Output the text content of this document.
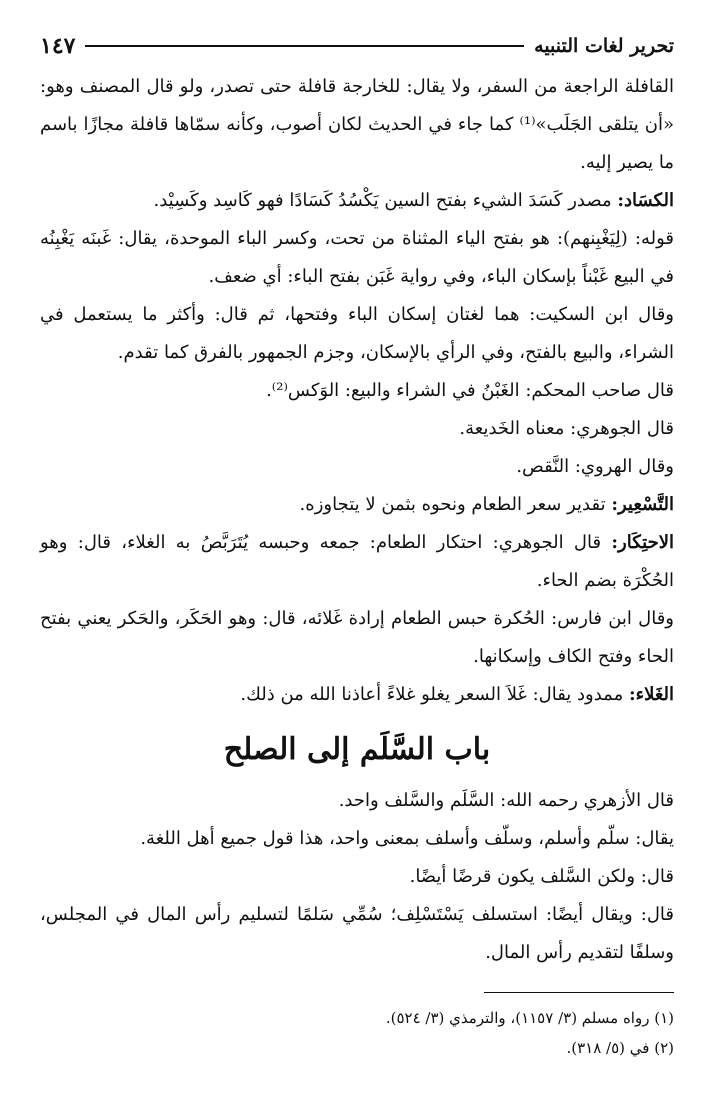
تحرير لغات التنبيه
١٤٧

القافلة الراجعة من السفر، ولا يقال: للخارجة قافلة حتى تصدر، ولو قال المصنف وهو: «أن يتلقى الجَلَب»⁽¹⁾ كما جاء في الحديث لكان أصوب، وكأنه سمّاها قافلة مجازًا باسم ما يصير إليه.

الكسَاد: مصدر كَسَدَ الشيء بفتح السين يَكْسُدُ كَسَادًا فهو كَاسِد وكَسِيْد.

قوله: (لِيَغْبِنهم): هو بفتح الياء المثناة من تحت، وكسر الباء الموحدة، يقال: غَبنَه يَغْبِنُه في البيع غَبْناً بإسكان الباء، وفي رواية غَبَن بفتح الباء: أي ضعف.

وقال ابن السكيت: هما لغتان إسكان الباء وفتحها، ثم قال: وأكثر ما يستعمل في الشراء، والبيع بالفتح، وفي الرأي بالإسكان، وجزم الجمهور بالفرق كما تقدم.

قال صاحب المحكم: الغَبْنُ في الشراء والبيع: الوَكس⁽²⁾.

قال الجوهري: معناه الخَديعة.

وقال الهروي: النَّقص.

التَّسْعِير: تقدير سعر الطعام ونحوه بثمن لا يتجاوزه.

الاحتِكَار: قال الجوهري: احتكار الطعام: جمعه وحبسه يُتَرَبَّصُ به الغلاء، قال: وهو الحُكْرَة بضم الحاء.

وقال ابن فارس: الحُكرة حبس الطعام إرادة غَلائه، قال: وهو الحَكَر، والحَكر يعني بفتح الحاء وفتح الكاف وإسكانها.

الغَلاء: ممدود يقال: غَلاَ السعر يغلو غلاءً أعاذنا الله من ذلك.

باب السَّلَم إلى الصلح

قال الأزهري رحمه الله: السَّلَم والسَّلف واحد.

يقال: سلّم وأسلم، وسلّف وأسلف بمعنى واحد، هذا قول جميع أهل اللغة.

قال: ولكن السَّلف يكون قرضًا أيضًا.

قال: ويقال أيضًا: استسلف يَسْتَسْلِف؛ سُمِّي سَلمًا لتسليم رأس المال في المجلس، وسلفًا لتقديم رأس المال.

(١) رواه مسلم (٣/ ١١٥٧)، والترمذي (٣/ ٥٢٤).

(٢) في (٥/ ٣١٨).
